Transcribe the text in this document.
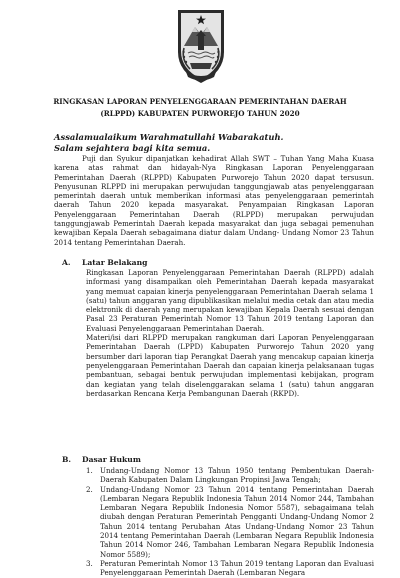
RINGKASAN LAPORAN PENYELENGGARAAN PEMERINTAHAN DAERAH
(RLPPD) KABUPATEN PURWOREJO TAHUN 2020
Assalamualaikum Warahmatullahi Wabarakatuh.
Salam sejahtera bagi kita semua.
Puji dan Syukur dipanjatkan kehadirat Allah SWT – Tuhan Yang Maha Kuasa karena atas rahmat dan hidayah-Nya Ringkasan Laporan Penyelenggaraan Pemerintahan Daerah (RLPPD) Kabupaten Purworejo Tahun 2020 dapat tersusun. Penyusunan RLPPD ini merupakan perwujudan tanggungjawab atas penyelenggaraan pemerintah daerah untuk memberikan informasi atas penyelenggaraan pemerintah daerah Tahun 2020 kepada masyarakat. Penyampaian Ringkasan Laporan Penyelenggaraan Pemerintahan Daerah (RLPPD) merupakan perwujudan tanggungjawab Pemerintah Daerah kepada masyarakat dan juga sebagai pemenuhan kewajiban Kepala Daerah sebagaimana diatur dalam Undang- Undang Nomor 23 Tahun 2014 tentang Pemerintahan Daerah.
A. Latar Belakang

Ringkasan Laporan Penyelenggaraan Pemerintahan Daerah (RLPPD) adalah informasi yang disampaikan oleh Pemerintahan Daerah kepada masyarakat yang memuat capaian kinerja penyelenggaraan Pemerintahan Daerah selama 1 (satu) tahun anggaran yang dipublikasikan melalui media cetak dan atau media elektronik di daerah yang merupakan kewajiban Kepala Daerah sesuai dengan Pasal 23 Peraturan Pemerintah Nomor 13 Tahun 2019 tentang Laporan dan Evaluasi Penyelenggaraan Pemerintahan Daerah.

Materi/isi dari RLPPD merupakan rangkuman dari Laporan Penyelenggaraan Pemerintahan Daerah (LPPD) Kabupaten Purworejo Tahun 2020 yang bersumber dari laporan tiap Perangkat Daerah yang mencakup capaian kinerja penyelenggaraan Pemerintahan Daerah dan capaian kinerja pelaksanaan tugas pembantuan, sebagai bentuk perwujudan implementasi kebijakan, program dan kegiatan yang telah diselenggarakan selama 1 (satu) tahun anggaran berdasarkan Rencana Kerja Pembangunan Daerah (RKPD).

B. Dasar Hukum
1. Undang-Undang Nomor 13 Tahun 1950 tentang Pembentukan Daerah-Daerah Kabupaten Dalam Lingkungan Propinsi Jawa Tengah;
2. Undang-Undang Nomor 23 Tahun 2014 tentang Pemerintahan Daerah (Lembaran Negara Republik Indonesia Tahun 2014 Nomor 244, Tambahan Lembaran Negara Republik Indonesia Nomor 5587), sebagaimana telah diubah dengan Peraturan Pemerintah Pengganti Undang-Undang Nomor 2 Tahun 2014 tentang Perubahan Atas Undang-Undang Nomor 23 Tahun 2014 tentang Pemerintahan Daerah (Lembaran Negara Republik Indonesia Tahun 2014 Nomor 246, Tambahan Lembaran Negara Republik Indonesia Nomor 5589);
3. Peraturan Pemerintah Nomor 13 Tahun 2019 tentang Laporan dan Evaluasi Penyelenggaraan Pemerintah Daerah (Lembaran Negara
